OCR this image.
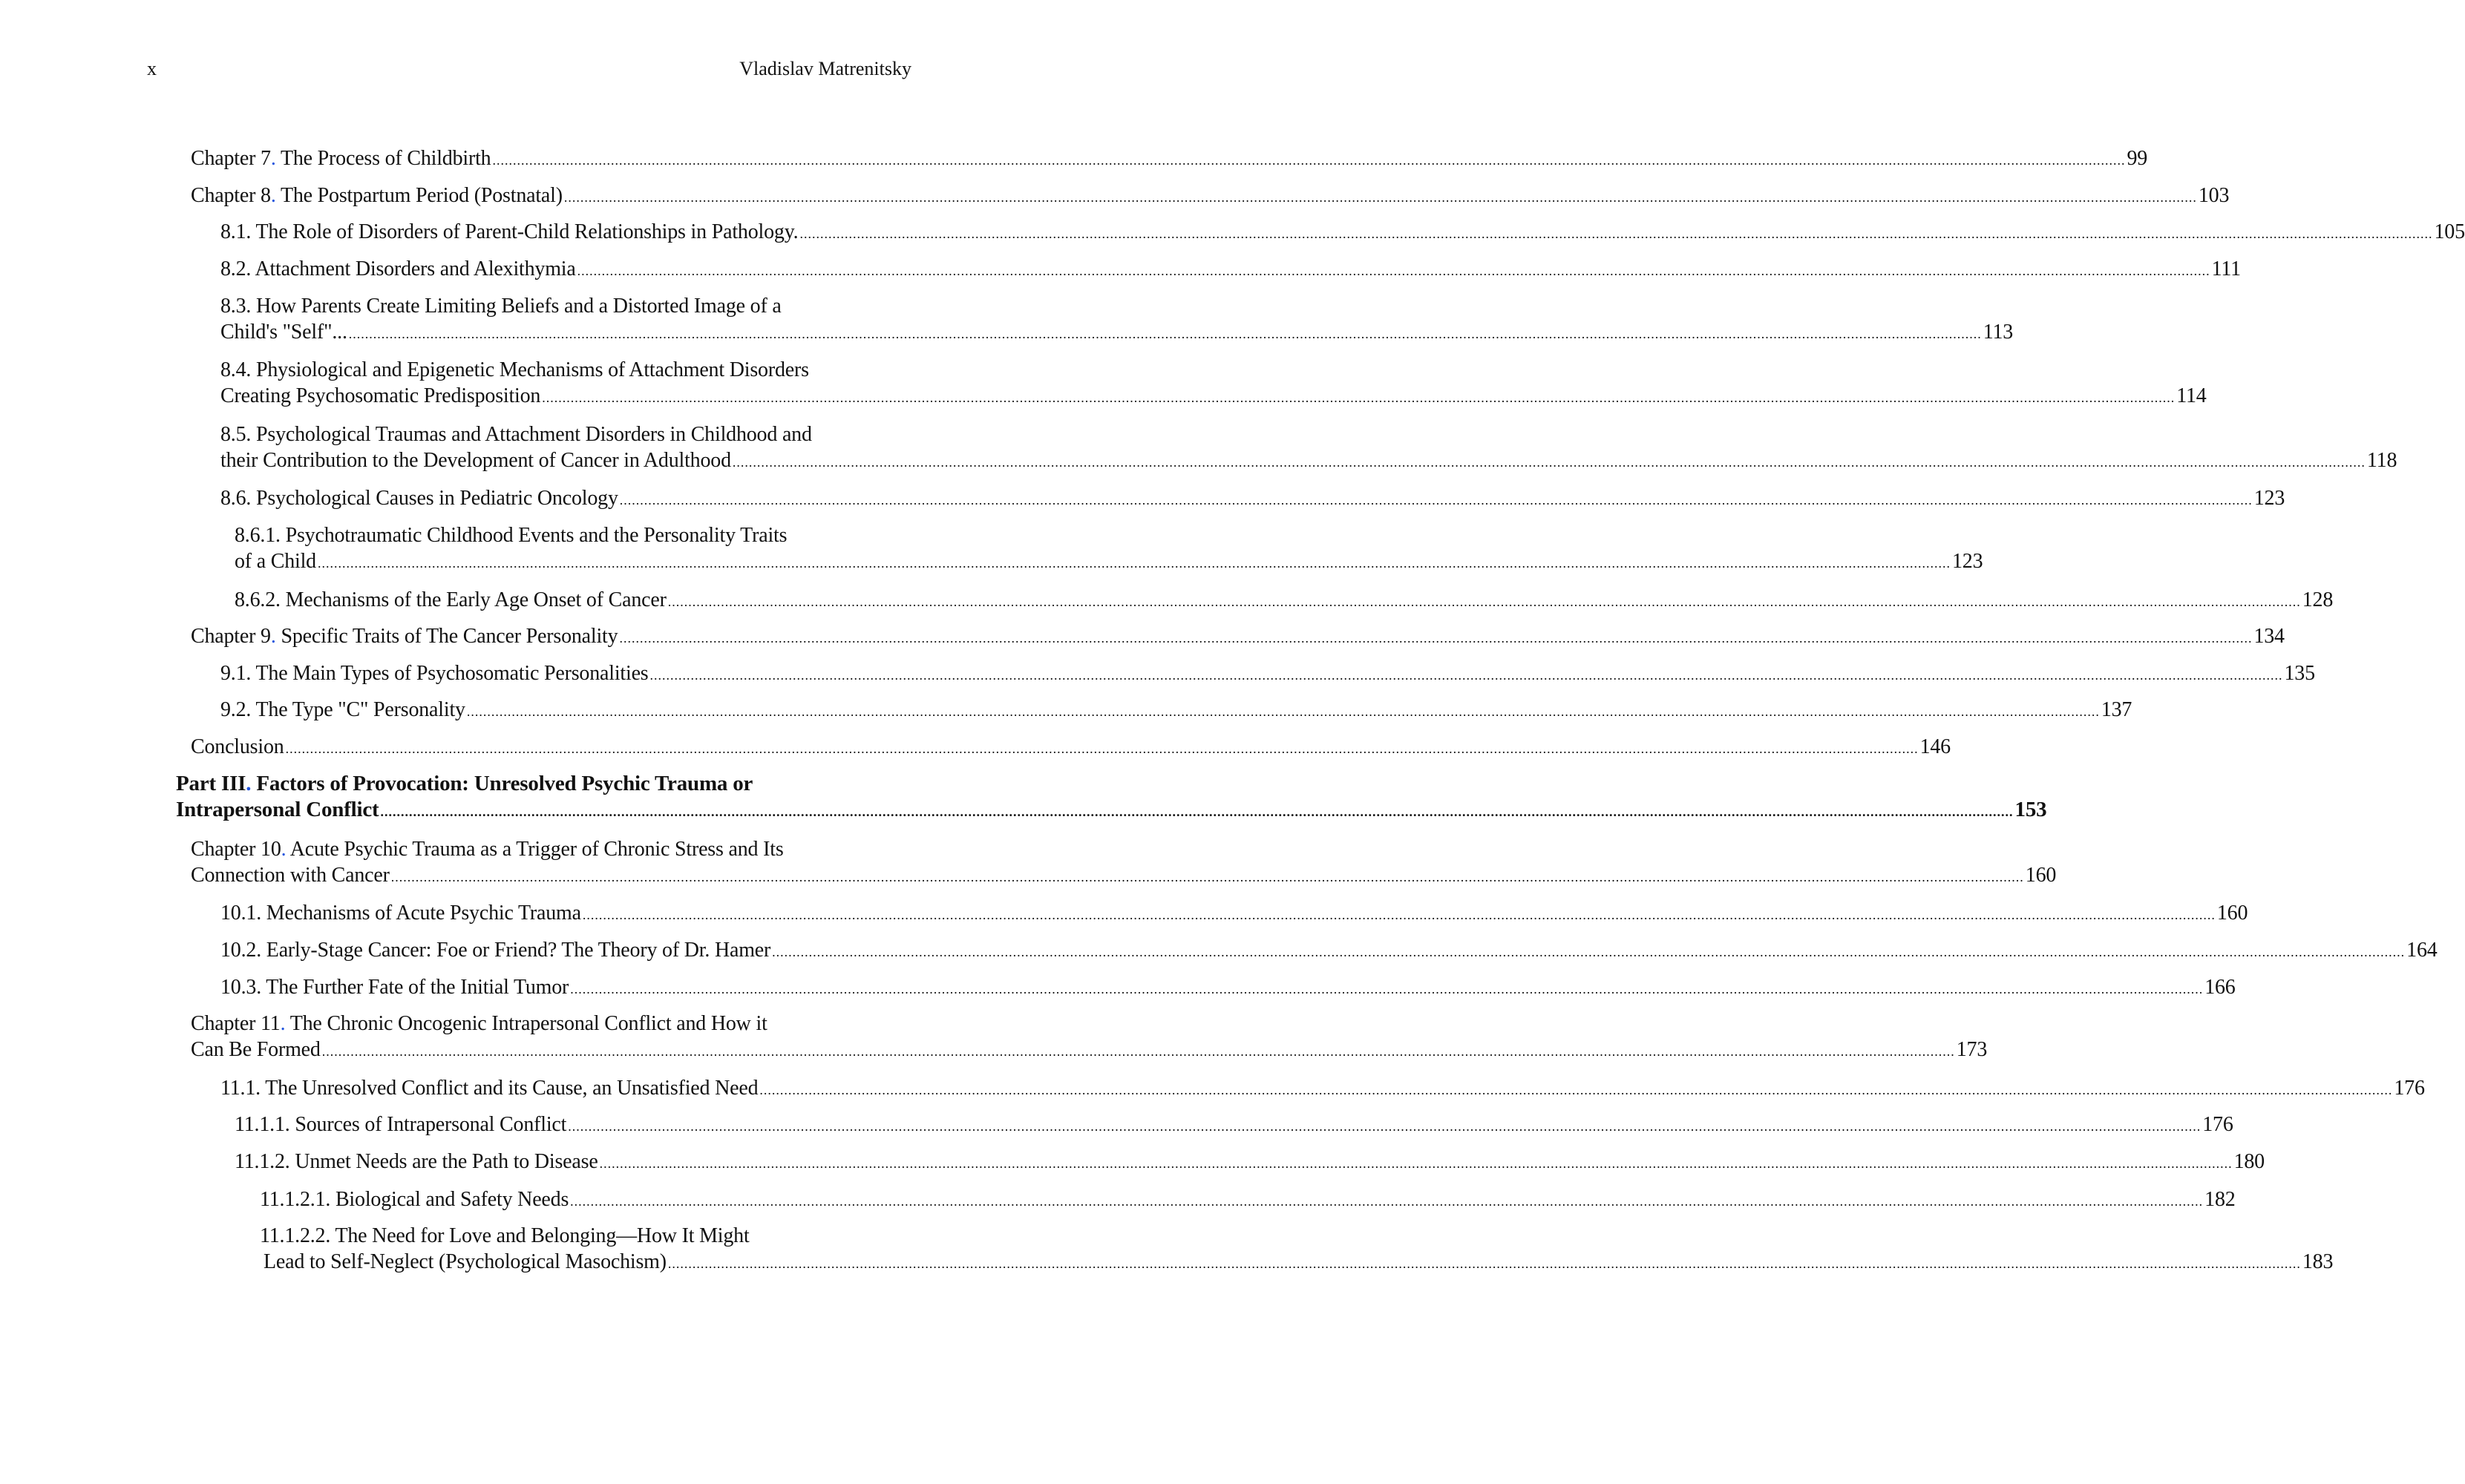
x	Vladislav Matrenitsky
Chapter 7. The Process of Childbirth ................................................................................................................................................................................................................................................................................................................................................................................................................ 99
Chapter 8. The Postpartum Period (Postnatal) ................................................................................................................................................................................................................................................................................................................................................................................................................ 103
8.1. The Role of Disorders of Parent-Child Relationships in Pathology. ................................................................................................................................................................................................................................................................................................................................................................................................................ 105
8.2. Attachment Disorders and Alexithymia ................................................................................................................................................................................................................................................................................................................................................................................................................ 111
8.3. How Parents Create Limiting Beliefs and a Distorted Image of a
Child's "Self"... ................................................................................................................................................................................................................................................................................................................................................................................................................ 113
8.4. Physiological and Epigenetic Mechanisms of Attachment Disorders
Creating Psychosomatic Predisposition ................................................................................................................................................................................................................................................................................................................................................................................................................ 114
8.5. Psychological Traumas and Attachment Disorders in Childhood and
their Contribution to the Development of Cancer in Adulthood ................................................................................................................................................................................................................................................................................................................................................................................................................ 118
8.6. Psychological Causes in Pediatric Oncology ................................................................................................................................................................................................................................................................................................................................................................................................................ 123
8.6.1. Psychotraumatic Childhood Events and the Personality Traits
of a Child ................................................................................................................................................................................................................................................................................................................................................................................................................ 123
8.6.2. Mechanisms of the Early Age Onset of Cancer ................................................................................................................................................................................................................................................................................................................................................................................................................ 128
Chapter 9. Specific Traits of The Cancer Personality ................................................................................................................................................................................................................................................................................................................................................................................................................ 134
9.1. The Main Types of Psychosomatic Personalities ................................................................................................................................................................................................................................................................................................................................................................................................................ 135
9.2. The Type "C" Personality ................................................................................................................................................................................................................................................................................................................................................................................................................ 137
Conclusion ................................................................................................................................................................................................................................................................................................................................................................................................................ 146
Part III. Factors of Provocation: Unresolved Psychic Trauma or
Intrapersonal Conflict ................................................................................................................................................................................................................................................................................................................................................................................................................ 153
Chapter 10. Acute Psychic Trauma as a Trigger of Chronic Stress and Its
Connection with Cancer ................................................................................................................................................................................................................................................................................................................................................................................................................ 160
10.1. Mechanisms of Acute Psychic Trauma ................................................................................................................................................................................................................................................................................................................................................................................................................ 160
10.2. Early-Stage Cancer: Foe or Friend? The Theory of Dr. Hamer ................................................................................................................................................................................................................................................................................................................................................................................................................ 164
10.3. The Further Fate of the Initial Tumor ................................................................................................................................................................................................................................................................................................................................................................................................................ 166
Chapter 11. The Chronic Oncogenic Intrapersonal Conflict and How it
Can Be Formed ................................................................................................................................................................................................................................................................................................................................................................................................................ 173
11.1. The Unresolved Conflict and its Cause, an Unsatisfied Need ................................................................................................................................................................................................................................................................................................................................................................................................................ 176
11.1.1. Sources of Intrapersonal Conflict ................................................................................................................................................................................................................................................................................................................................................................................................................ 176
11.1.2. Unmet Needs are the Path to Disease ................................................................................................................................................................................................................................................................................................................................................................................................................ 180
11.1.2.1. Biological and Safety Needs ................................................................................................................................................................................................................................................................................................................................................................................................................ 182
11.1.2.2. The Need for Love and Belonging—How It Might
Lead to Self-Neglect (Psychological Masochism) ................................................................................................................................................................................................................................................................................................................................................................................................................ 183
